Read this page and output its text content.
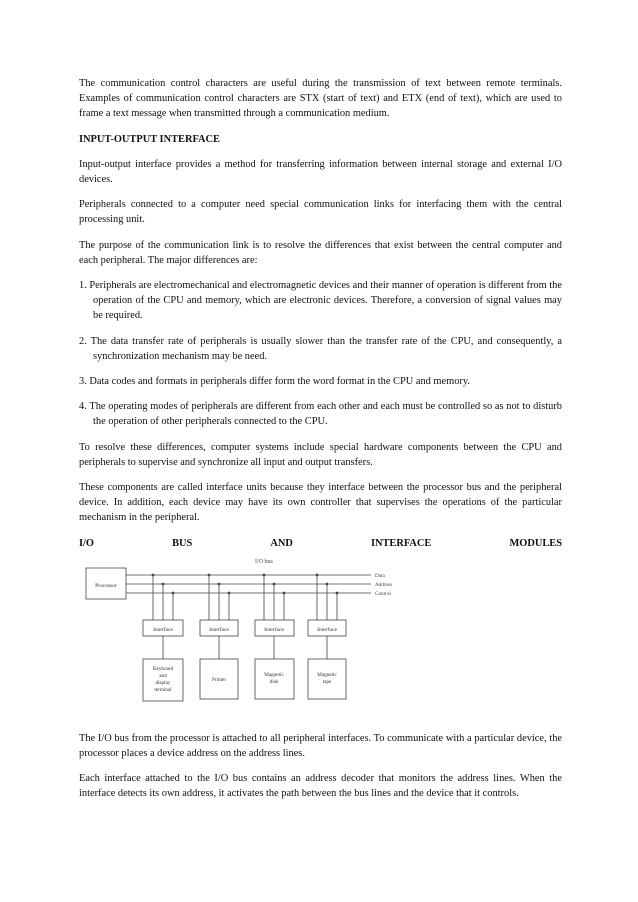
The communication control characters are useful during the transmission of text between remote terminals. Examples of communication control characters are STX (start of text) and ETX (end of text), which are used to frame a text message when transmitted through a communication medium.

INPUT-OUTPUT INTERFACE

Input-output interface provides a method for transferring information between internal storage and external I/O devices.

Peripherals connected to a computer need special communication links for interfacing them with the central processing unit.

The purpose of the communication link is to resolve the differences that exist between the central computer and each peripheral. The major differences are:

1. Peripherals are electromechanical and electromagnetic devices and their manner of operation is different from the operation of the CPU and memory, which are electronic devices. Therefore, a conversion of signal values may be required.

2. The data transfer rate of peripherals is usually slower than the transfer rate of the CPU, and consequently, a synchronization mechanism may be need.

3. Data codes and formats in peripherals differ form the word format in the CPU and memory.

4. The operating modes of peripherals are different from each other and each must be controlled so as not to disturb the operation of other peripherals connected to the CPU.

To resolve these differences, computer systems include special hardware components between the CPU and peripherals to supervise and synchronize all input and output transfers.

These components are called interface units because they interface between the processor bus and the peripheral device. In addition, each device may have its own controller that supervises the operations of the particular mechanism in the peripheral.

I/O	BUS	AND	INTERFACE	MODULES
I/O bus
Processor
Data
Address
Control
Interface
Keyboard
and
display
terminal
Interface
Printer
Interface
Magnetic
disk
Interface
Magnetic
tape

The I/O bus from the processor is attached to all peripheral interfaces. To communicate with a particular device, the processor places a device address on the address lines.

Each interface attached to the I/O bus contains an address decoder that monitors the address lines. When the interface detects its own address, it activates the path between the bus lines and the device that it controls.
